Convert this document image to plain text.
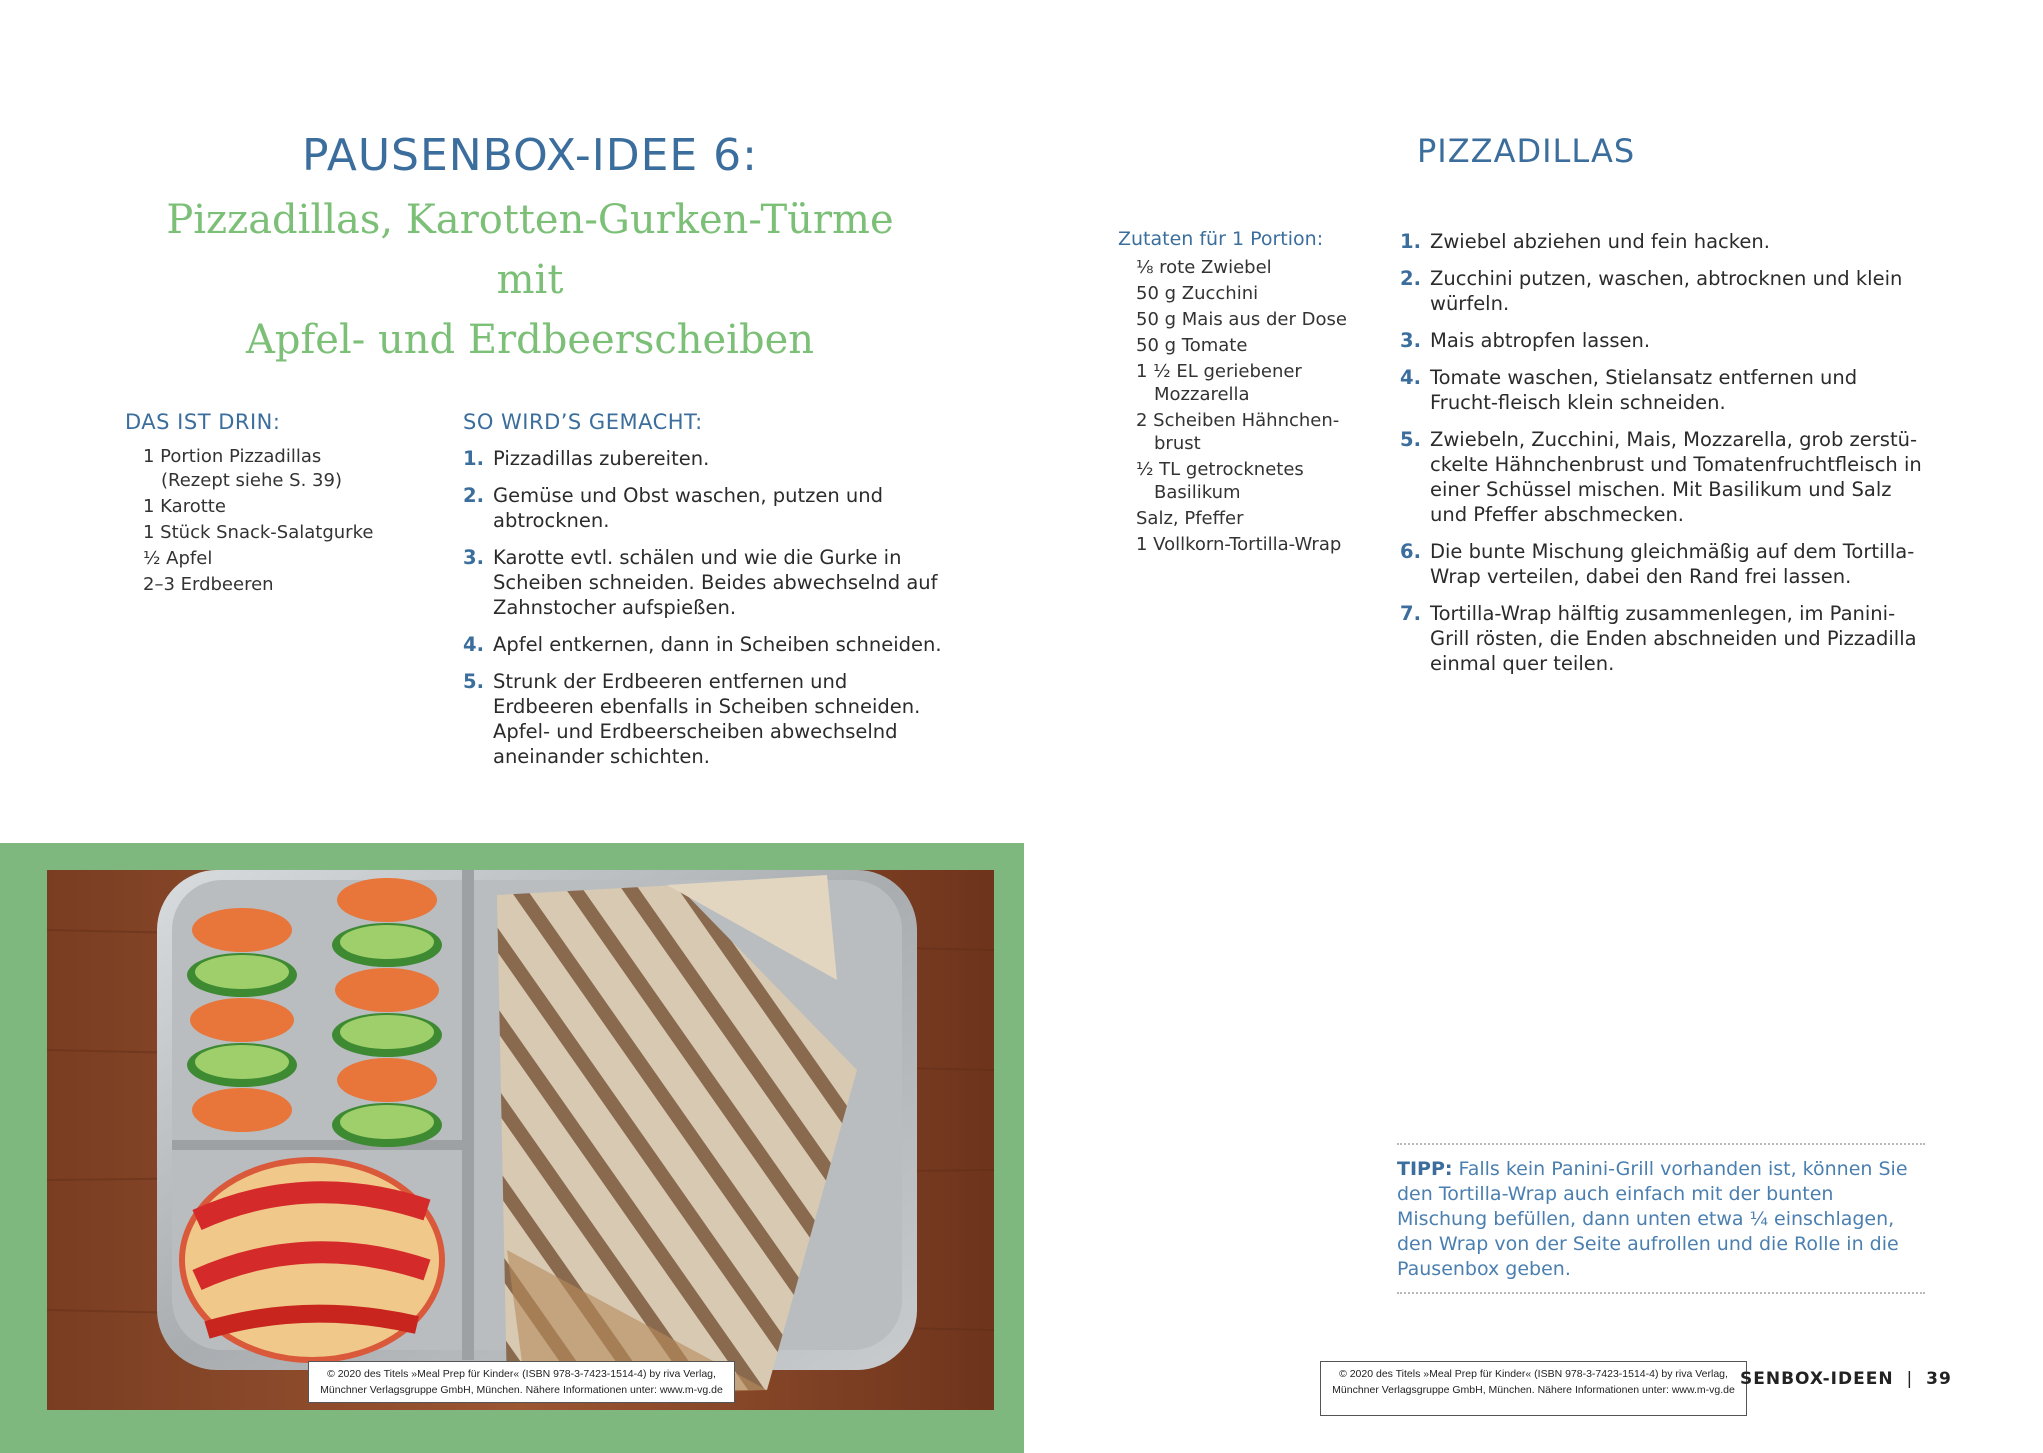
PAUSENBOX-IDEE 6:
Pizzadillas, Karotten-Gurken-Türme mit
Apfel- und Erdbeerscheiben
DAS IST DRIN:
1 Portion Pizzadillas
(Rezept siehe S. 39)
1 Karotte
1 Stück Snack-Salatgurke
½ Apfel
2–3 Erdbeeren
SO WIRD’S GEMACHT:
1. Pizzadillas zubereiten.
2. Gemüse und Obst waschen, putzen und abtrocknen.
3. Karotte evtl. schälen und wie die Gurke in Scheiben schneiden. Beides abwechselnd auf Zahnstocher aufspießen.
4. Apfel entkernen, dann in Scheiben schneiden.
5. Strunk der Erdbeeren entfernen und Erdbeeren ebenfalls in Scheiben schneiden. Apfel- und Erdbeerscheiben abwechselnd aneinander schichten.
© 2020 des Titels »Meal Prep für Kinder« (ISBN 978-3-7423-1514-4) by riva Verlag,
Münchner Verlagsgruppe GmbH, München. Nähere Informationen unter: www.m-vg.de
PIZZADILLAS
Zutaten für 1 Portion:
⅛ rote Zwiebel
50 g Zucchini
50 g Mais aus der Dose
50 g Tomate
1 ½ EL geriebener Mozzarella
2 Scheiben Hähnchen-brust
½ TL getrocknetes Basilikum
Salz, Pfeffer
1 Vollkorn-Tortilla-Wrap
1. Zwiebel abziehen und fein hacken.
2. Zucchini putzen, waschen, abtrocknen und klein würfeln.
3. Mais abtropfen lassen.
4. Tomate waschen, Stielansatz entfernen und Frucht-fleisch klein schneiden.
5. Zwiebeln, Zucchini, Mais, Mozzarella, grob zerstü-ckelte Hähnchenbrust und Tomatenfruchtfleisch in einer Schüssel mischen. Mit Basilikum und Salz und Pfeffer abschmecken.
6. Die bunte Mischung gleichmäßig auf dem Tortilla-Wrap verteilen, dabei den Rand frei lassen.
7. Tortilla-Wrap hälftig zusammenlegen, im Panini-Grill rösten, die Enden abschneiden und Pizzadilla einmal quer teilen.
TIPP: Falls kein Panini-Grill vorhanden ist, können Sie den Tortilla-Wrap auch einfach mit der bunten Mischung befüllen, dann unten etwa ¼ einschlagen, den Wrap von der Seite aufrollen und die Rolle in die Pausenbox geben.
© 2020 des Titels »Meal Prep für Kinder« (ISBN 978-3-7423-1514-4) by riva Verlag,
Münchner Verlagsgruppe GmbH, München. Nähere Informationen unter: www.m-vg.de
SENBOX-IDEEN | 39
